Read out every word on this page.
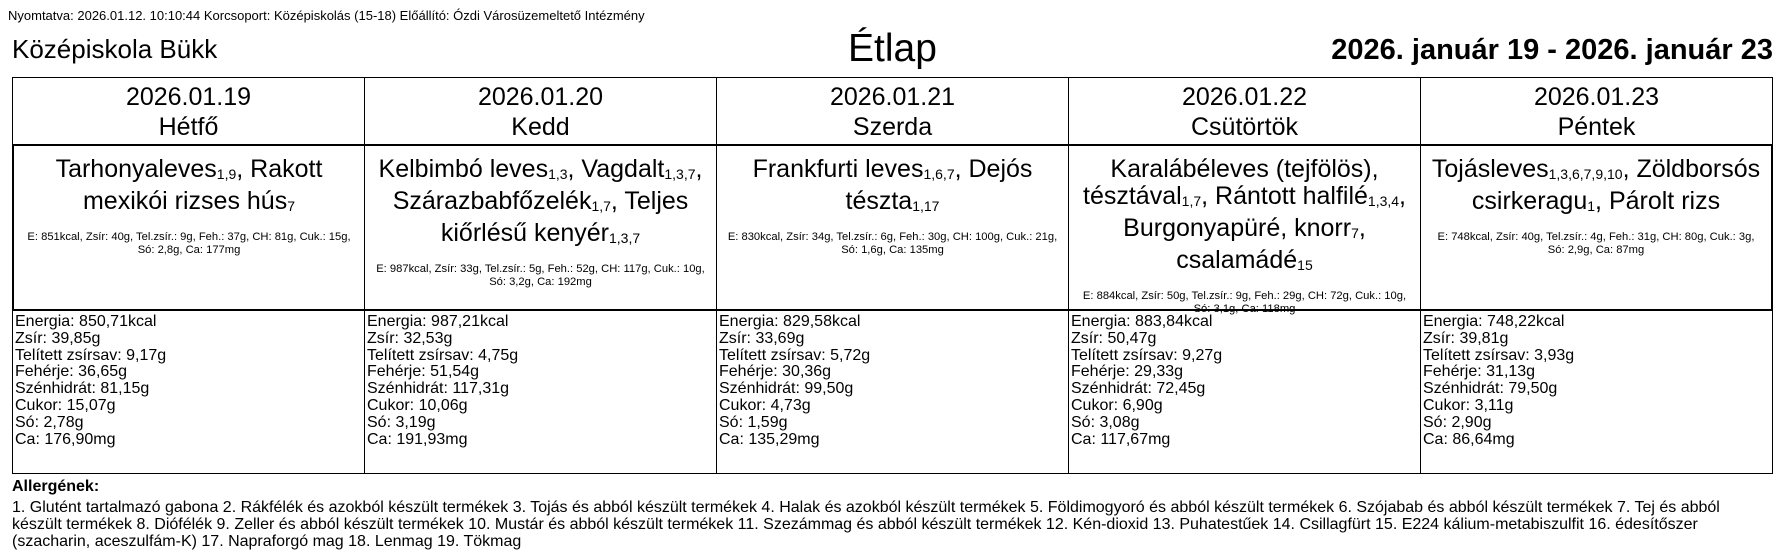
Nyomtatva: 2026.01.12. 10:10:44 Korcsoport: Középiskolás (15-18) Előállító: Ózdi Városüzemeltető Intézmény
Középiskola Bükk	Étlap	2026. január 19 - 2026. január 23
2026.01.19
Hétfő
Tarhonyaleves$_{1,9}$, Rakott mexikói rizses hús$_7$
E: 851kcal, Zsír: 40g, Tel.zsír.: 9g, Feh.: 37g, CH: 81g, Cuk.: 15g, Só: 2,8g, Ca: 177mg
Energia: 850,71kcal
Zsír: 39,85g
Telített zsírsav: 9,17g
Fehérje: 36,65g
Szénhidrát: 81,15g
Cukor: 15,07g
Só: 2,78g
Ca: 176,90mg
2026.01.20
Kedd
Kelbimbó leves$_{1,3}$, Vagdalt$_{1,3,7}$, Szárazbabfőzelék$_{1,7}$, Teljes kiőrlésű kenyér$_{1,3,7}$
E: 987kcal, Zsír: 33g, Tel.zsír.: 5g, Feh.: 52g, CH: 117g, Cuk.: 10g, Só: 3,2g, Ca: 192mg
Energia: 987,21kcal
Zsír: 32,53g
Telített zsírsav: 4,75g
Fehérje: 51,54g
Szénhidrát: 117,31g
Cukor: 10,06g
Só: 3,19g
Ca: 191,93mg
2026.01.21
Szerda
Frankfurti leves$_{1,6,7}$, Dejós tészta$_{1,17}$
E: 830kcal, Zsír: 34g, Tel.zsír.: 6g, Feh.: 30g, CH: 100g, Cuk.: 21g, Só: 1,6g, Ca: 135mg
Energia: 829,58kcal
Zsír: 33,69g
Telített zsírsav: 5,72g
Fehérje: 30,36g
Szénhidrát: 99,50g
Cukor: 4,73g
Só: 1,59g
Ca: 135,29mg
2026.01.22
Csütörtök
Karalábéleves (tejfölös), tésztával$_{1,7}$, Rántott halfilé$_{1,3,4}$, Burgonyapüré, knorr$_7$, csalamádé$_{15}$
E: 884kcal, Zsír: 50g, Tel.zsír.: 9g, Feh.: 29g, CH: 72g, Cuk.: 10g, Só: 3,1g, Ca: 118mg
Energia: 883,84kcal
Zsír: 50,47g
Telített zsírsav: 9,27g
Fehérje: 29,33g
Szénhidrát: 72,45g
Cukor: 6,90g
Só: 3,08g
Ca: 117,67mg
2026.01.23
Péntek
Tojásleves$_{1,3,6,7,9,10}$, Zöldborsós csirkeragu$_1$, Párolt rizs
E: 748kcal, Zsír: 40g, Tel.zsír.: 4g, Feh.: 31g, CH: 80g, Cuk.: 3g, Só: 2,9g, Ca: 87mg
Energia: 748,22kcal
Zsír: 39,81g
Telített zsírsav: 3,93g
Fehérje: 31,13g
Szénhidrát: 79,50g
Cukor: 3,11g
Só: 2,90g
Ca: 86,64mg
Allergének:
1. Glutént tartalmazó gabona 2. Rákfélék és azokból készült termékek 3. Tojás és abból készült termékek 4. Halak és azokból készült termékek 5. Földimogyoró és abból készült termékek 6. Szójabab és abból készült termékek 7. Tej és abból készült termékek 8. Diófélék 9. Zeller és abból készült termékek 10. Mustár és abból készült termékek 11. Szezámmag és abból készült termékek 12. Kén-dioxid 13. Puhatestűek 14. Csillagfürt 15. E224 kálium-metabiszulfit 16. édesítőszer (szacharin, aceszulfám-K) 17. Napraforgó mag 18. Lenmag 19. Tökmag
